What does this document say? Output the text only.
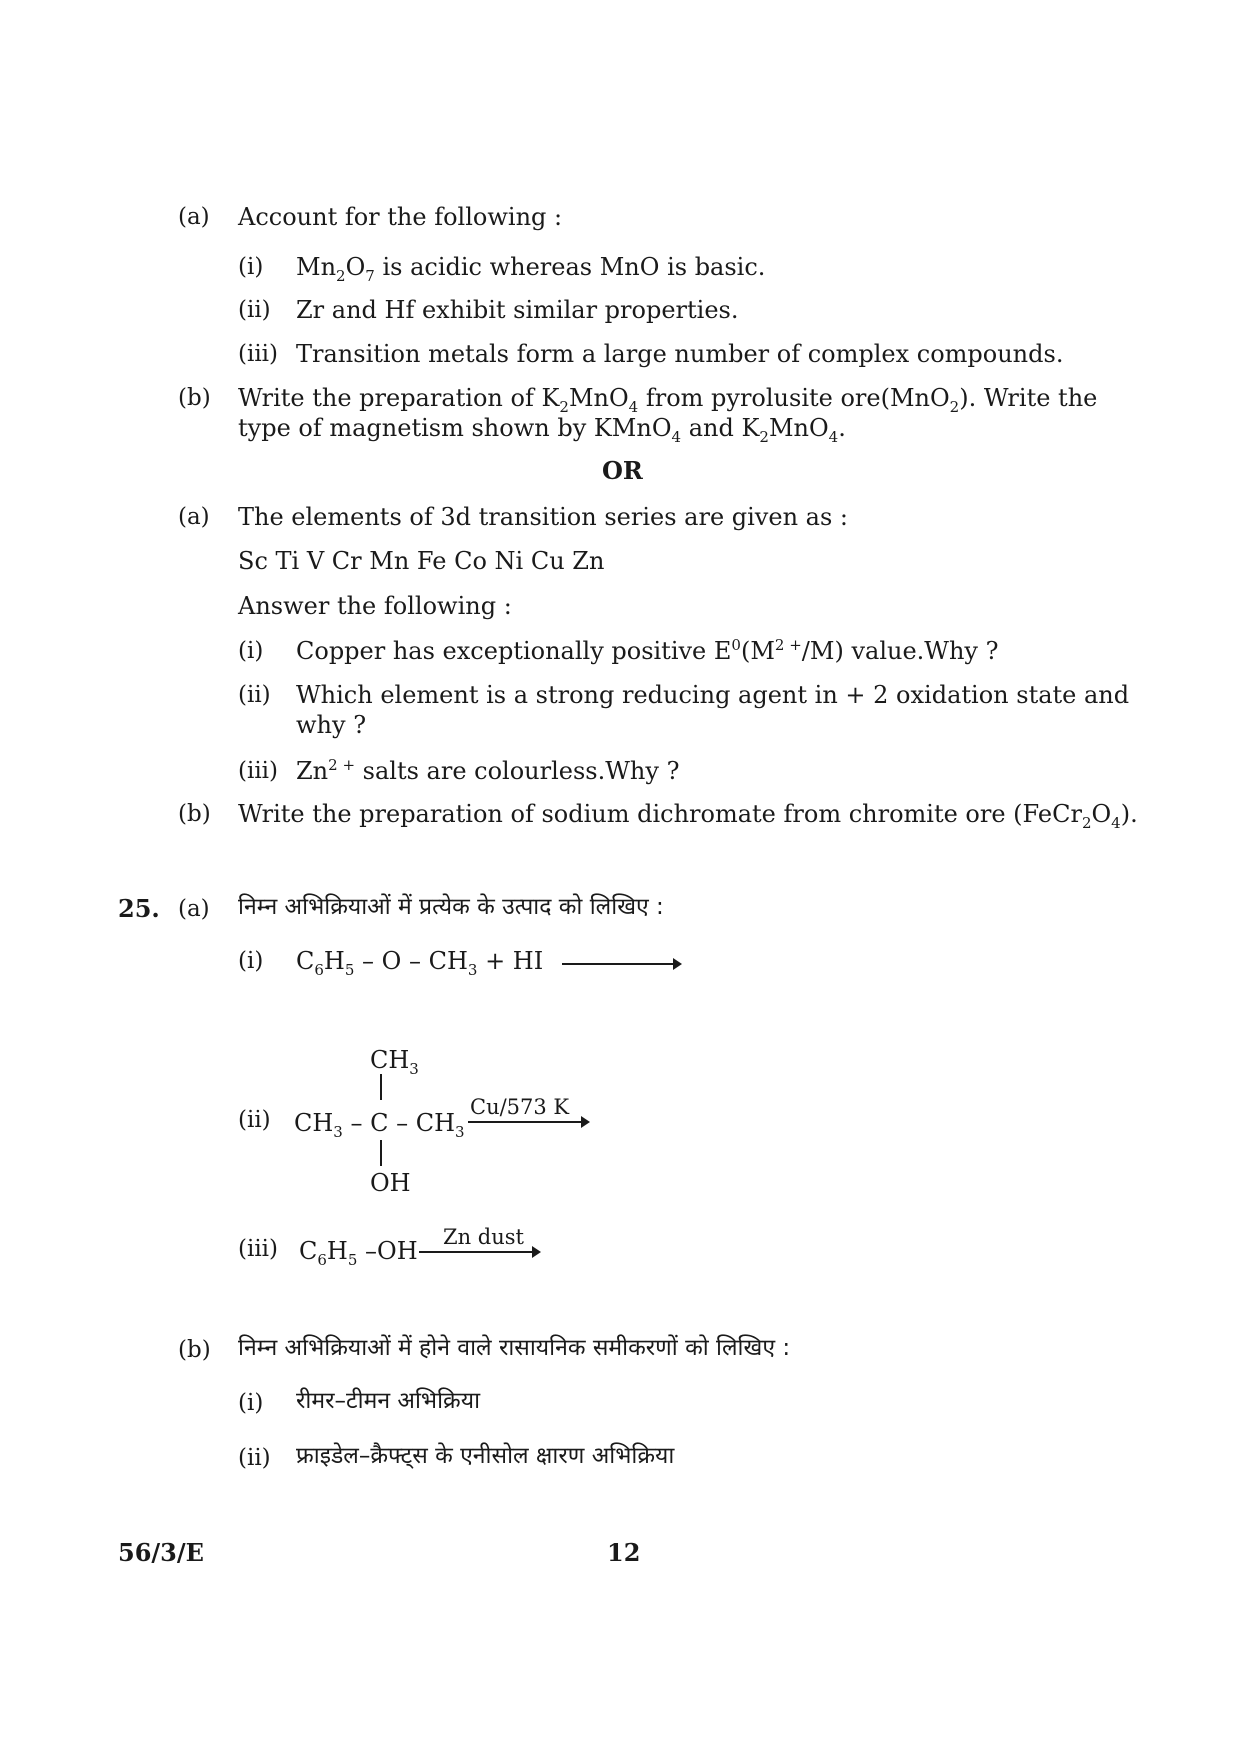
(a) Account for the following :
(i) $Mn_2O_7$ is acidic whereas MnO is basic.
(ii) Zr and Hf exhibit similar properties.
(iii) Transition metals form a large number of complex compounds.
(b) Write the preparation of $K_2MnO_4$ from pyrolusite ore(MnO$_2$). Write the
type of magnetism shown by KMnO$_4$ and $K_2MnO_4$.
OR
(a) The elements of 3d transition series are given as :
Sc Ti V Cr Mn Fe Co Ni Cu Zn
Answer the following :
(i) Copper has exceptionally positive $E^0(M^{2 +}/M)$ value.Why ?
(ii) Which element is a strong reducing agent in + 2 oxidation state and
why ?
(iii) $Zn^{2 +}$ salts are colourless.Why ?
(b) Write the preparation of sodium dichromate from chromite ore $(FeCr_2O_4)$.
25. (a) निम्न अभिक्रियाओं में प्रत्येक के उत्पाद को लिखिए :
(i) $C_6H_5$ – O – $CH_3$ + HI
$CH_3$
(ii) $CH_3$ – C – $CH_3$
Cu/573 K
OH
(iii) $C_6H_5$ –OH Zn dust
(b) निम्न अभिक्रियाओं में होने वाले रासायनिक समीकरणों को लिखिए :
(i) रीमर–टीमन अभिक्रिया
(ii) फ्राइडेल–क्रैफ्ट्स के एनीसोल क्षारण अभिक्रिया
56/3/E	12
